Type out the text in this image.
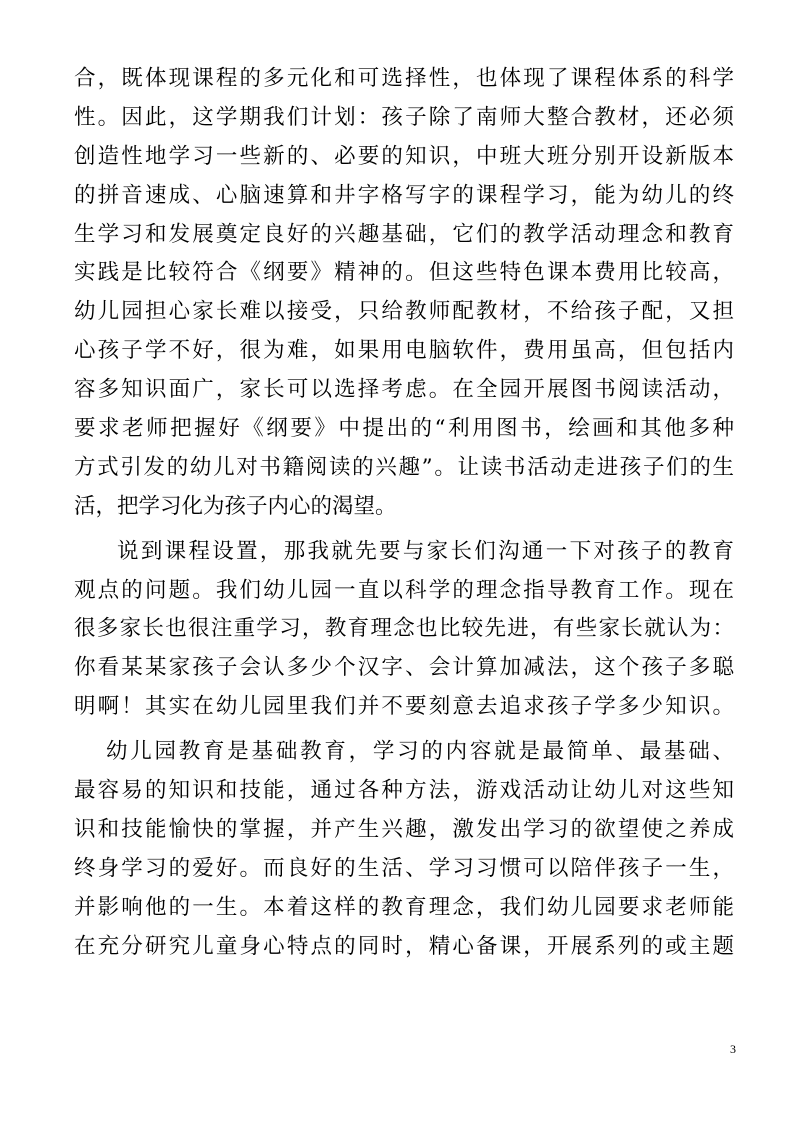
合，既体现课程的多元化和可选择性，也体现了课程体系的科学
性。因此，这学期我们计划：孩子除了南师大整合教材，还必须
创造性地学习一些新的、必要的知识，中班大班分别开设新版本
的拼音速成、心脑速算和井字格写字的课程学习，能为幼儿的终
生学习和发展奠定良好的兴趣基础，它们的教学活动理念和教育
实践是比较符合《纲要》精神的。但这些特色课本费用比较高，
幼儿园担心家长难以接受，只给教师配教材，不给孩子配，又担
心孩子学不好，很为难，如果用电脑软件，费用虽高，但包括内
容多知识面广，家长可以选择考虑。在全园开展图书阅读活动，
要求老师把握好《纲要》中提出的“利用图书，绘画和其他多种
方式引发的幼儿对书籍阅读的兴趣”。让读书活动走进孩子们的生
活，把学习化为孩子内心的渴望。
说到课程设置，那我就先要与家长们沟通一下对孩子的教育
观点的问题。我们幼儿园一直以科学的理念指导教育工作。现在
很多家长也很注重学习，教育理念也比较先进，有些家长就认为：
你看某某家孩子会认多少个汉字、会计算加减法，这个孩子多聪
明啊！其实在幼儿园里我们并不要刻意去追求孩子学多少知识。
幼儿园教育是基础教育，学习的内容就是最简单、最基础、
最容易的知识和技能，通过各种方法，游戏活动让幼儿对这些知
识和技能愉快的掌握，并产生兴趣，激发出学习的欲望使之养成
终身学习的爱好。而良好的生活、学习习惯可以陪伴孩子一生，
并影响他的一生。本着这样的教育理念，我们幼儿园要求老师能
在充分研究儿童身心特点的同时，精心备课，开展系列的或主题
3
